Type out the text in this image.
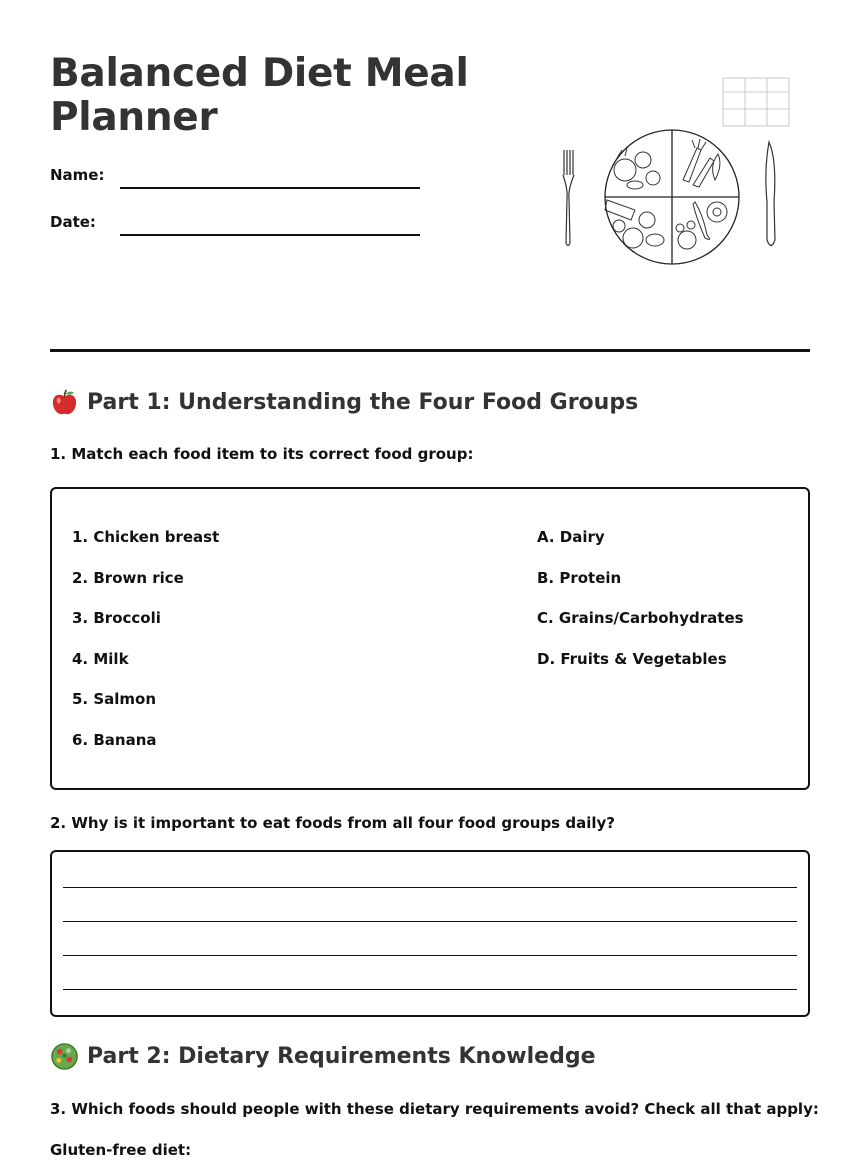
Balanced Diet Meal Planner
Name:
Date:
Part 1: Understanding the Four Food Groups
1. Match each food item to its correct food group:
1. Chicken breast
2. Brown rice
3. Broccoli
4. Milk
5. Salmon
6. Banana
A. Dairy
B. Protein
C. Grains/Carbohydrates
D. Fruits & Vegetables
2. Why is it important to eat foods from all four food groups daily?
Part 2: Dietary Requirements Knowledge
3. Which foods should people with these dietary requirements avoid? Check all that apply:
Gluten-free diet:
